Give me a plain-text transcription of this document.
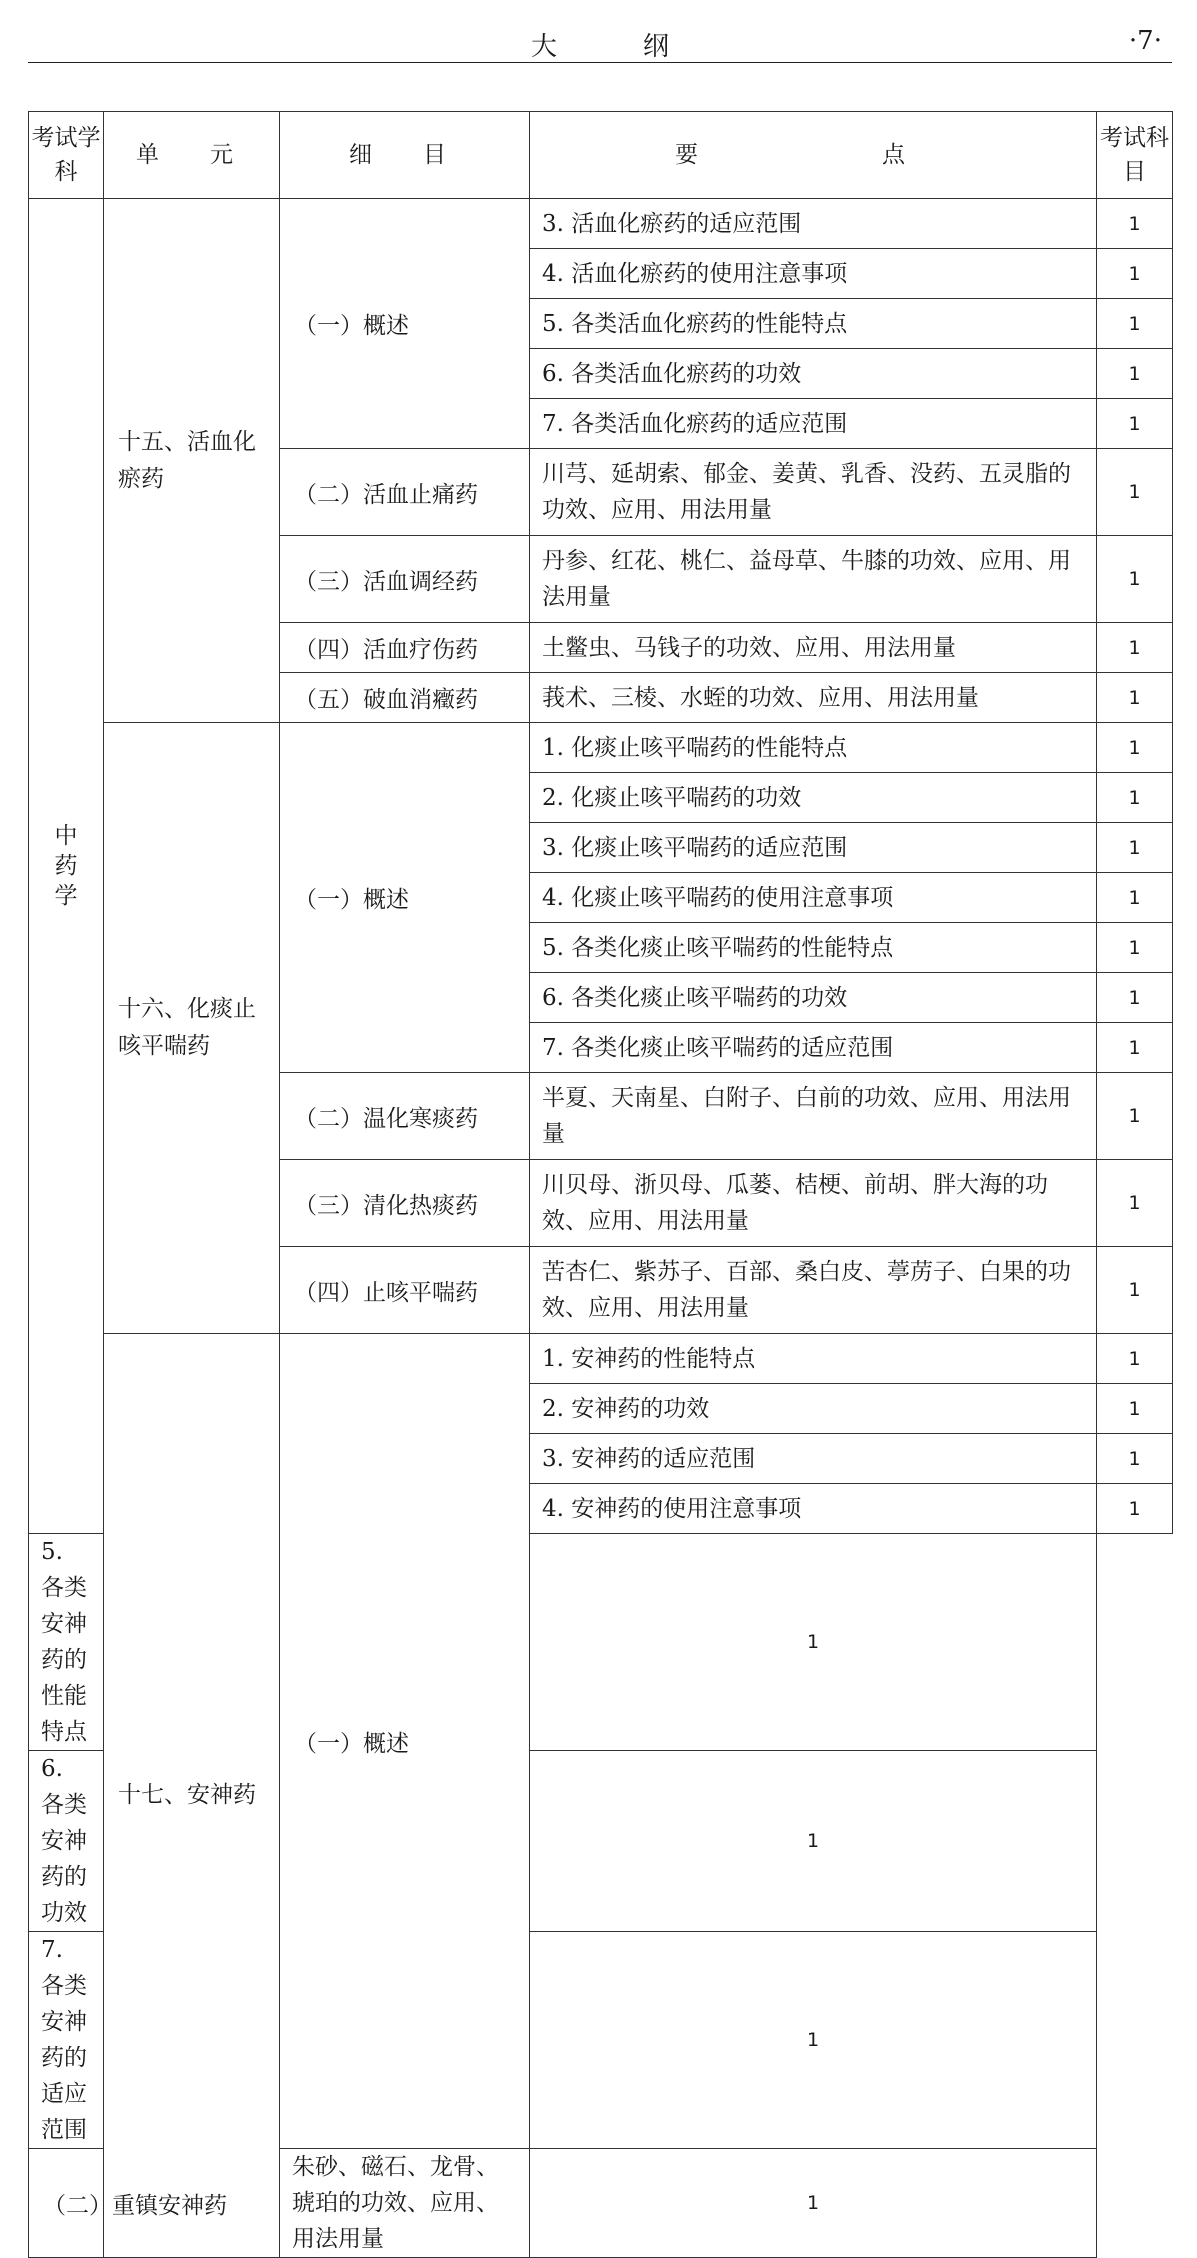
大　纲	·7·
考试学科	单　元	细　目	要　　点	考试科目
中药学	十五、活血化瘀药	（一）概述	3. 活血化瘀药的适应范围	1
			4. 活血化瘀药的使用注意事项	1
			5. 各类活血化瘀药的性能特点	1
			6. 各类活血化瘀药的功效	1
			7. 各类活血化瘀药的适应范围	1
		（二）活血止痛药	川芎、延胡索、郁金、姜黄、乳香、没药、五灵脂的功效、应用、用法用量	1
		（三）活血调经药	丹参、红花、桃仁、益母草、牛膝的功效、应用、用法用量	1
		（四）活血疗伤药	土鳖虫、马钱子的功效、应用、用法用量	1
		（五）破血消癥药	莪术、三棱、水蛭的功效、应用、用法用量	1
	十六、化痰止咳平喘药	（一）概述	1. 化痰止咳平喘药的性能特点	1
			2. 化痰止咳平喘药的功效	1
			3. 化痰止咳平喘药的适应范围	1
			4. 化痰止咳平喘药的使用注意事项	1
			5. 各类化痰止咳平喘药的性能特点	1
			6. 各类化痰止咳平喘药的功效	1
			7. 各类化痰止咳平喘药的适应范围	1
		（二）温化寒痰药	半夏、天南星、白附子、白前的功效、应用、用法用量	1
		（三）清化热痰药	川贝母、浙贝母、瓜蒌、桔梗、前胡、胖大海的功效、应用、用法用量	1
		（四）止咳平喘药	苦杏仁、紫苏子、百部、桑白皮、葶苈子、白果的功效、应用、用法用量	1
	十七、安神药	（一）概述	1. 安神药的性能特点	1
			2. 安神药的功效	1
			3. 安神药的适应范围	1
			4. 安神药的使用注意事项	1
5. 各类安神药的性能特点			1	
6. 各类安神药的功效			1	
7. 各类安神药的适应范围			1	
（二）重镇安神药		朱砂、磁石、龙骨、琥珀的功效、应用、用法用量	1	
